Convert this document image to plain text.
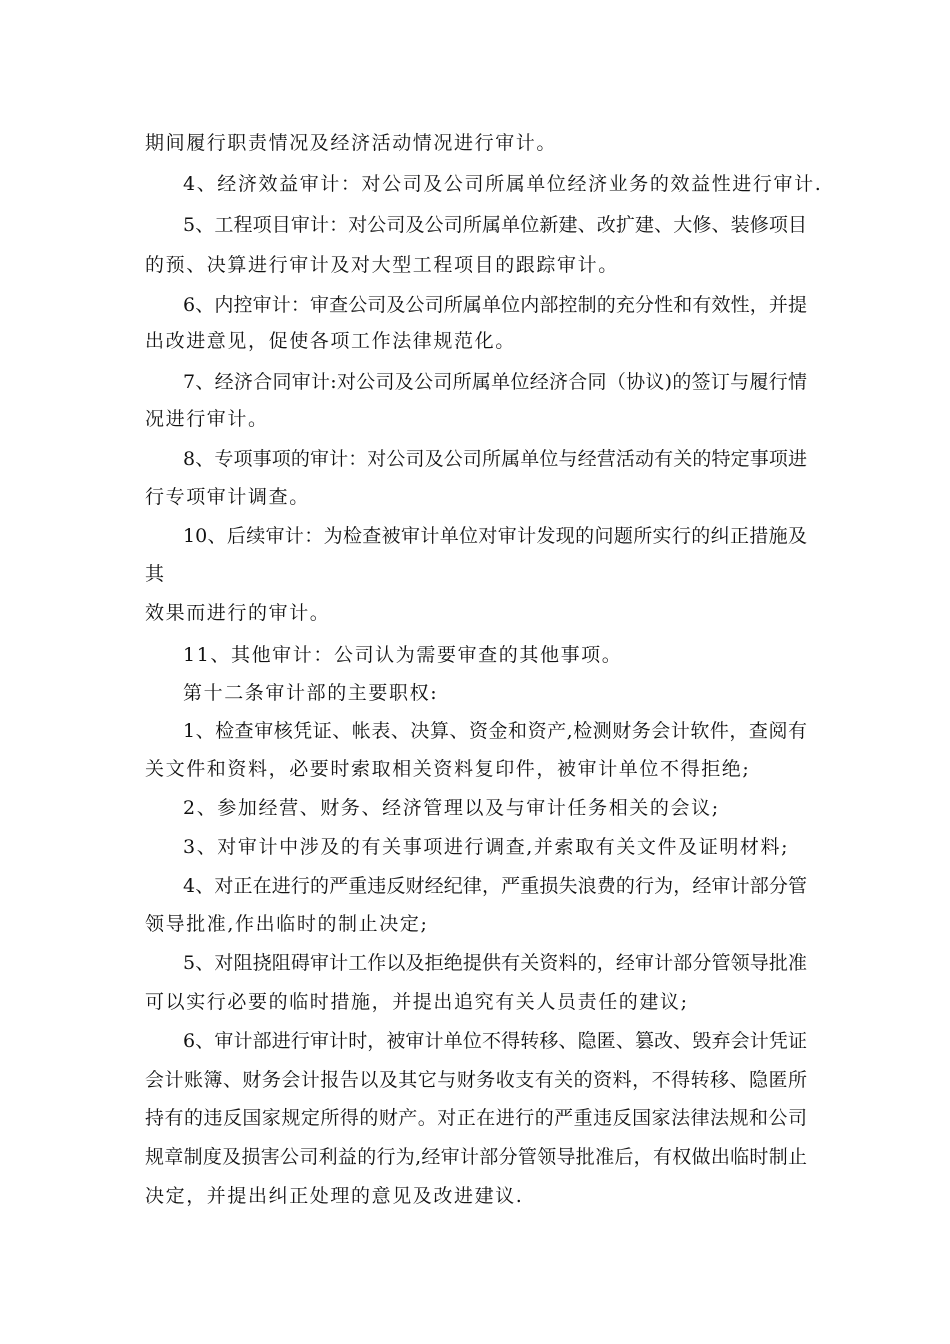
期间履行职责情况及经济活动情况进行审计。
4、经济效益审计：对公司及公司所属单位经济业务的效益性进行审计.
5、工程项目审计：对公司及公司所属单位新建、改扩建、大修、装修项目
的预、决算进行审计及对大型工程项目的跟踪审计。
6、内控审计：审查公司及公司所属单位内部控制的充分性和有效性，并提
出改进意见，促使各项工作法律规范化。
7、经济合同审计:对公司及公司所属单位经济合同（协议)的签订与履行情
况进行审计。
8、专项事项的审计：对公司及公司所属单位与经营活动有关的特定事项进
行专项审计调查。
10、后续审计：为检查被审计单位对审计发现的问题所实行的纠正措施及
其
效果而进行的审计。
11、其他审计：公司认为需要审查的其他事项。
第十二条审计部的主要职权:
1、检查审核凭证、帐表、决算、资金和资产,检测财务会计软件，查阅有
关文件和资料，必要时索取相关资料复印件，被审计单位不得拒绝;
2、参加经营、财务、经济管理以及与审计任务相关的会议;
3、对审计中涉及的有关事项进行调查,并索取有关文件及证明材料;
4、对正在进行的严重违反财经纪律，严重损失浪费的行为，经审计部分管
领导批准,作出临时的制止决定;
5、对阻挠阻碍审计工作以及拒绝提供有关资料的，经审计部分管领导批准
可以实行必要的临时措施，并提出追究有关人员责任的建议;
6、审计部进行审计时，被审计单位不得转移、隐匿、篡改、毁弃会计凭证
会计账簿、财务会计报告以及其它与财务收支有关的资料，不得转移、隐匿所
持有的违反国家规定所得的财产。对正在进行的严重违反国家法律法规和公司
规章制度及损害公司利益的行为,经审计部分管领导批准后，有权做出临时制止
决定，并提出纠正处理的意见及改进建议.
